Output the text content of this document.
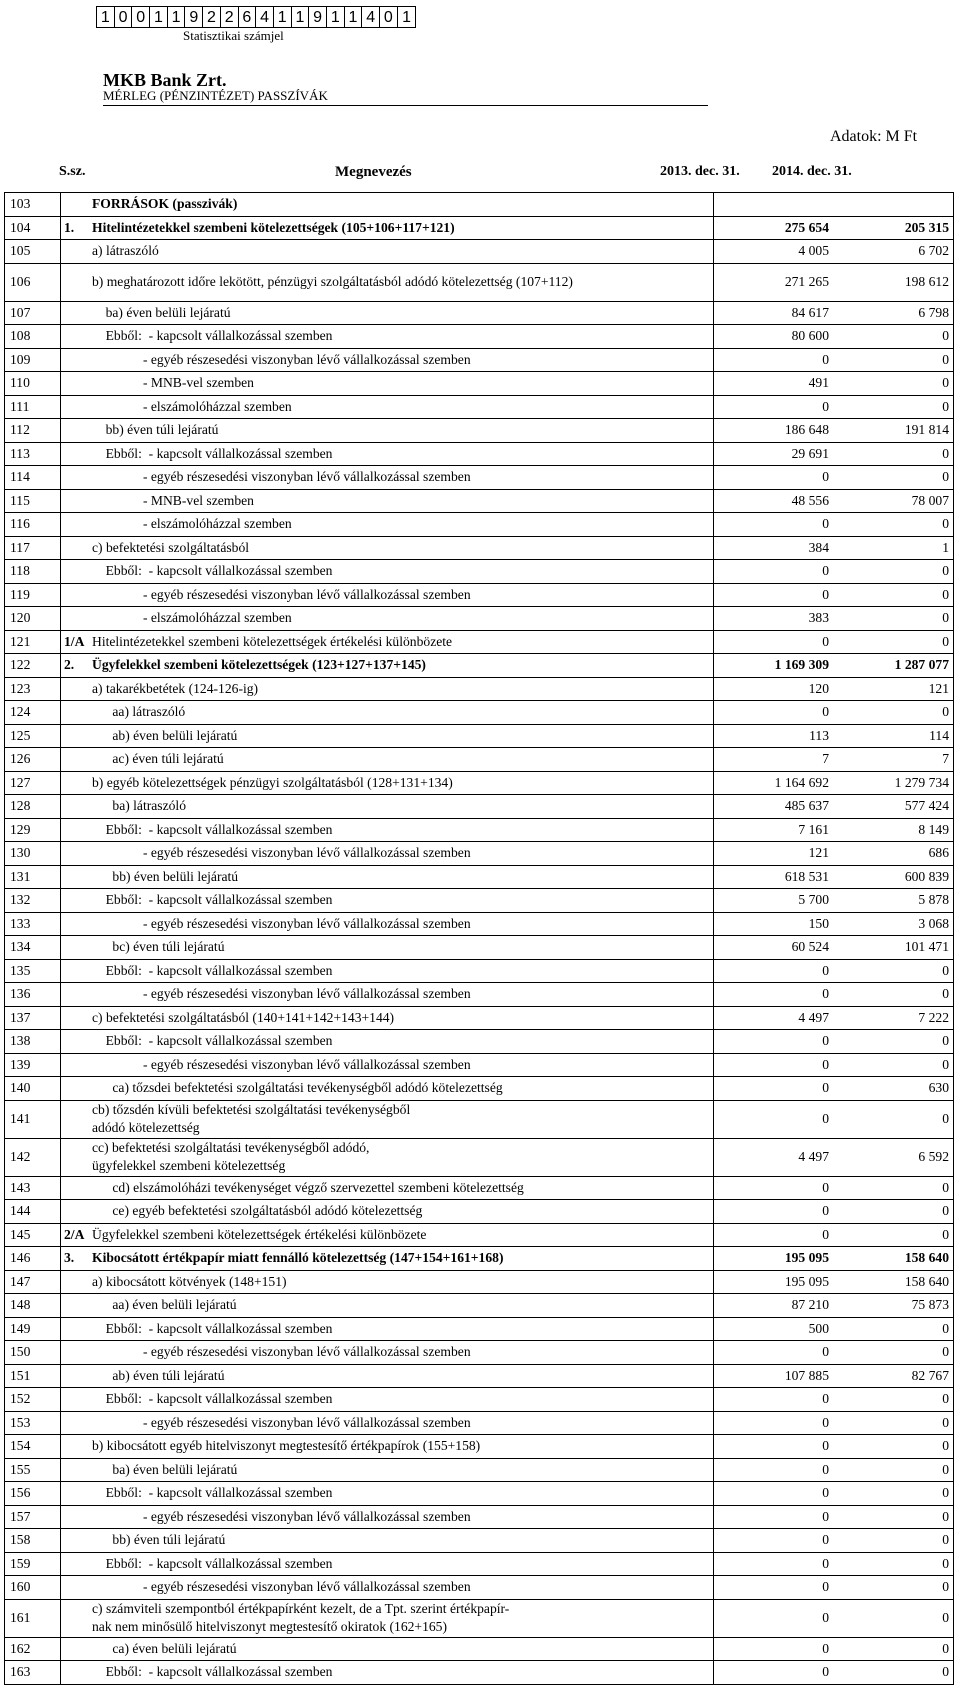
1 0 0 1 1 9 2 2 6 4 1 1 9 1 1 4 0 1
Statisztikai számjel
MKB Bank Zrt.
MÉRLEG (PÉNZINTÉZET) PASSZÍVÁK
Adatok: M Ft
S.sz.	Megnevezés	2013. dec. 31. 2014. dec. 31.
103		FORRÁSOK (passzivák)		
104	1.	Hitelintézetekkel szembeni kötelezettségek (105+106+117+121)	275 654	205 315
105		a) látraszóló	4 005	6 702
106		b) meghatározott időre lekötött, pénzügyi szolgáltatásból adódó kötelezettség (107+112)	271 265	198 612
107		ba) éven belüli lejáratú	84 617	6 798
108		Ebből:  - kapcsolt vállalkozással szemben	80 600	0
109		- egyéb részesedési viszonyban lévő vállalkozással szemben	0	0
110		- MNB-vel szemben	491	0
111		- elszámolóházzal szemben	0	0
112		bb) éven túli lejáratú	186 648	191 814
113		Ebből:  - kapcsolt vállalkozással szemben	29 691	0
114		- egyéb részesedési viszonyban lévő vállalkozással szemben	0	0
115		- MNB-vel szemben	48 556	78 007
116		- elszámolóházzal szemben	0	0
117		c) befektetési szolgáltatásból	384	1
118		Ebből:  - kapcsolt vállalkozással szemben	0	0
119		- egyéb részesedési viszonyban lévő vállalkozással szemben	0	0
120		- elszámolóházzal szemben	383	0
121	1/A	Hitelintézetekkel szembeni kötelezettségek értékelési különbözete	0	0
122	2.	Ügyfelekkel szembeni kötelezettségek (123+127+137+145)	1 169 309	1 287 077
123		a) takarékbetétek (124-126-ig)	120	121
124		aa) látraszóló	0	0
125		ab) éven belüli lejáratú	113	114
126		ac) éven túli lejáratú	7	7
127		b) egyéb kötelezettségek pénzügyi szolgáltatásból (128+131+134)	1 164 692	1 279 734
128		ba) látraszóló	485 637	577 424
129		Ebből:  - kapcsolt vállalkozással szemben	7 161	8 149
130		- egyéb részesedési viszonyban lévő vállalkozással szemben	121	686
131		bb) éven belüli lejáratú	618 531	600 839
132		Ebből:  - kapcsolt vállalkozással szemben	5 700	5 878
133		- egyéb részesedési viszonyban lévő vállalkozással szemben	150	3 068
134		bc) éven túli lejáratú	60 524	101 471
135		Ebből:  - kapcsolt vállalkozással szemben	0	0
136		- egyéb részesedési viszonyban lévő vállalkozással szemben	0	0
137		c) befektetési szolgáltatásból (140+141+142+143+144)	4 497	7 222
138		Ebből:  - kapcsolt vállalkozással szemben	0	0
139		- egyéb részesedési viszonyban lévő vállalkozással szemben	0	0
140		ca) tőzsdei befektetési szolgáltatási tevékenységből adódó kötelezettség	0	630
141		cb) tőzsdén kívüli befektetési szolgáltatási tevékenységből
adódó kötelezettség	0	0
142		cc) befektetési szolgáltatási tevékenységből adódó,
ügyfelekkel szembeni kötelezettség	4 497	6 592
143		cd) elszámolóházi tevékenységet végző szervezettel szembeni kötelezettség	0	0
144		ce) egyéb befektetési szolgáltatásból adódó kötelezettség	0	0
145	2/A	Ügyfelekkel szembeni kötelezettségek értékelési különbözete	0	0
146	3.	Kibocsátott értékpapír miatt fennálló kötelezettség (147+154+161+168)	195 095	158 640
147		a) kibocsátott kötvények (148+151)	195 095	158 640
148		aa) éven belüli lejáratú	87 210	75 873
149		Ebből:  - kapcsolt vállalkozással szemben	500	0
150		- egyéb részesedési viszonyban lévő vállalkozással szemben	0	0
151		ab) éven túli lejáratú	107 885	82 767
152		Ebből:  - kapcsolt vállalkozással szemben	0	0
153		- egyéb részesedési viszonyban lévő vállalkozással szemben	0	0
154		b) kibocsátott egyéb hitelviszonyt megtestesítő értékpapírok (155+158)	0	0
155		ba) éven belüli lejáratú	0	0
156		Ebből:  - kapcsolt vállalkozással szemben	0	0
157		- egyéb részesedési viszonyban lévő vállalkozással szemben	0	0
158		bb) éven túli lejáratú	0	0
159		Ebből:  - kapcsolt vállalkozással szemben	0	0
160		- egyéb részesedési viszonyban lévő vállalkozással szemben	0	0
161		c) számviteli szempontból értékpapírként kezelt, de a Tpt. szerint értékpapír-
nak nem minősülő hitelviszonyt megtestesítő okiratok (162+165)	0	0
162		ca) éven belüli lejáratú	0	0
163		Ebből:  - kapcsolt vállalkozással szemben	0	0
